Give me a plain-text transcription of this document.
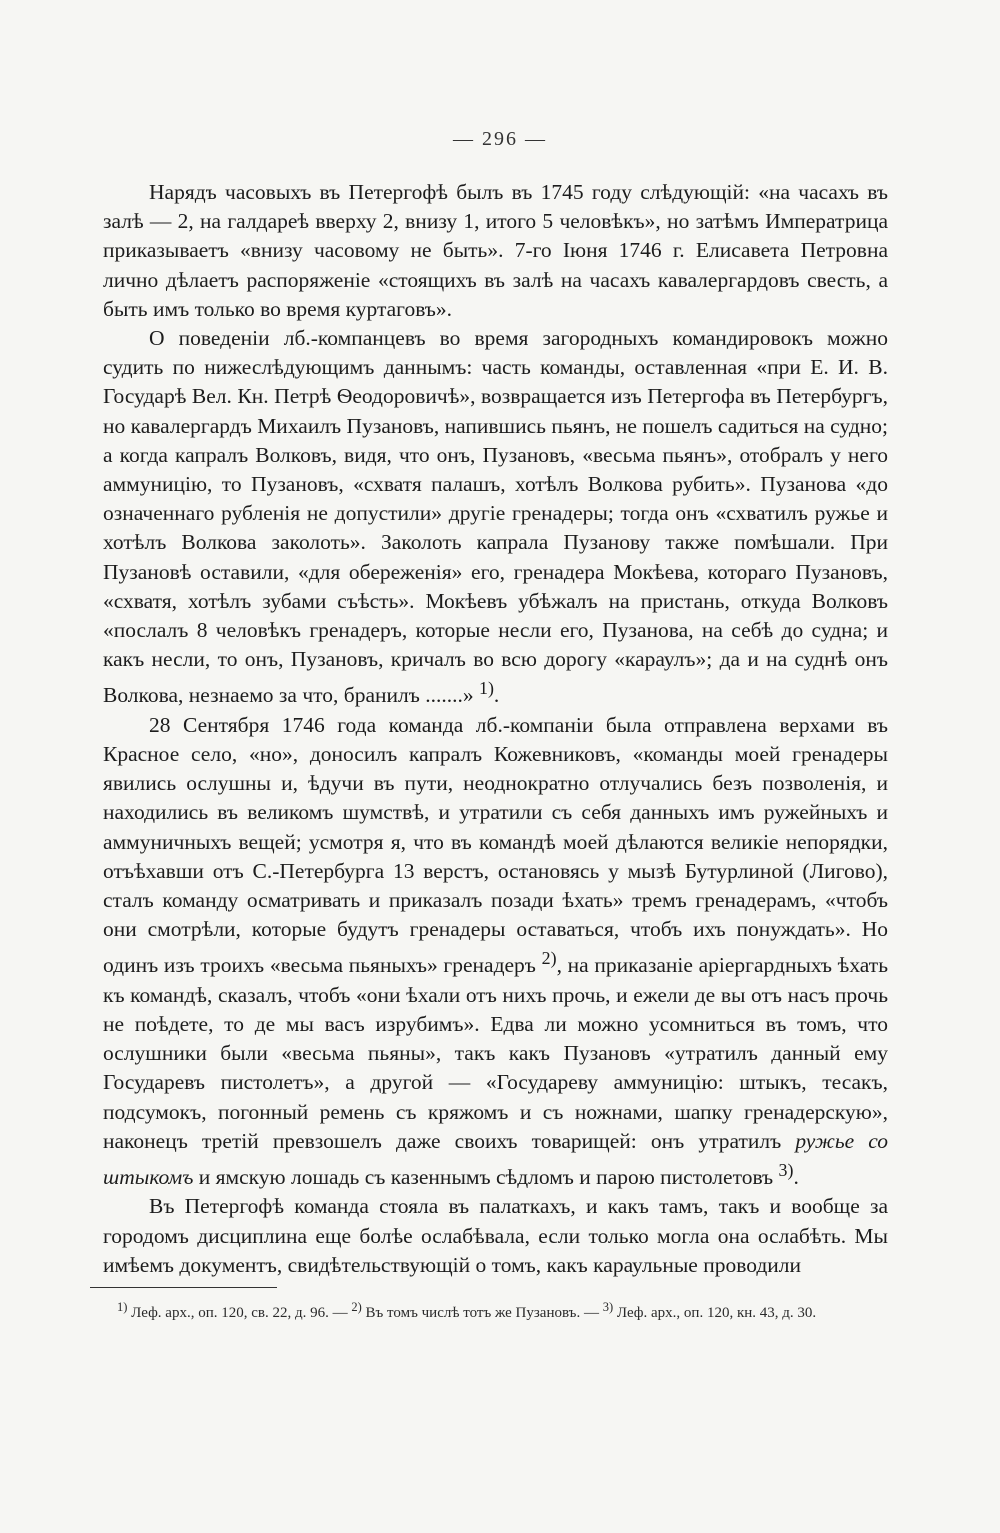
— 296 —

Нарядъ часовыхъ въ Петергофѣ былъ въ 1745 году слѣдующій: «на часахъ въ залѣ — 2, на галдареѣ вверху 2, внизу 1, итого 5 человѣкъ», но затѣмъ Императрица приказываетъ «внизу часовому не быть». 7-го Іюня 1746 г. Елисавета Петровна лично дѣлаетъ распоряженіе «стоящихъ въ залѣ на часахъ кавалергардовъ свесть, а быть имъ только во время куртаговъ».

О поведеніи лб.-компанцевъ во время загородныхъ командировокъ можно судить по нижеслѣдующимъ даннымъ: часть команды, оставленная «при Е. И. В. Государѣ Вел. Кн. Петрѣ Ѳеодоровичѣ», возвращается изъ Петергофа въ Петербургъ, но кавалергардъ Михаилъ Пузановъ, напившись пьянъ, не пошелъ садиться на судно; а когда капралъ Волковъ, видя, что онъ, Пузановъ, «весьма пьянъ», отобралъ у него аммуницію, то Пузановъ, «схватя палашъ, хотѣлъ Волкова рубить». Пузанова «до означеннаго рубленія не допустили» другіе гренадеры; тогда онъ «схватилъ ружье и хотѣлъ Волкова заколоть». Заколоть капрала Пузанову также помѣшали. При Пузановѣ оставили, «для обереженія» его, гренадера Мокѣева, котораго Пузановъ, «схватя, хотѣлъ зубами съѣсть». Мокѣевъ убѣжалъ на пристань, откуда Волковъ «послалъ 8 человѣкъ гренадеръ, которые несли его, Пузанова, на себѣ до судна; и какъ несли, то онъ, Пузановъ, кричалъ во всю дорогу «караулъ»; да и на суднѣ онъ Волкова, незнаемо за что, бранилъ .......» $^{1)}$.

28 Сентября 1746 года команда лб.-компаніи была отправлена верхами въ Красное село, «но», доносилъ капралъ Кожевниковъ, «команды моей гренадеры явились ослушны и, ѣдучи въ пути, неоднократно отлучались безъ позволенія, и находились въ великомъ шумствѣ, и утратили съ себя данныхъ имъ ружейныхъ и аммуничныхъ вещей; усмотря я, что въ командѣ моей дѣлаются великіе непорядки, отъѣхавши отъ С.-Петербурга 13 верстъ, остановясь у мызѣ Бутурлиной (Лигово), сталъ команду осматривать и приказалъ позади ѣхать» тремъ гренадерамъ, «чтобъ они смотрѣли, которые будутъ гренадеры оставаться, чтобъ ихъ понуждать». Но одинъ изъ троихъ «весьма пьяныхъ» гренадеръ $^{2)}$, на приказаніе аріергардныхъ ѣхать къ командѣ, сказалъ, чтобъ «они ѣхали отъ нихъ прочь, и ежели де вы отъ насъ прочь не поѣдете, то де мы васъ изрубимъ». Едва ли можно усомниться въ томъ, что ослушники были «весьма пьяны», такъ какъ Пузановъ «утратилъ данный ему Государевъ пистолетъ», а другой — «Государеву аммуницію: штыкъ, тесакъ, подсумокъ, погонный ремень съ кряжомъ и съ ножнами, шапку гренадерскую», наконецъ третій превзошелъ даже своихъ товарищей: онъ утратилъ ружье со штыкомъ и ямскую лошадь съ казеннымъ сѣдломъ и парою пистолетовъ $^{3)}$.

Въ Петергофѣ команда стояла въ палаткахъ, и какъ тамъ, такъ и вообще за городомъ дисциплина еще болѣе ослабѣвала, если только могла она ослабѣть. Мы имѣемъ документъ, свидѣтельствующій о томъ, какъ караульные проводили

$^{1)}$ Леф. арх., оп. 120, св. 22, д. 96. — $^{2)}$ Въ томъ числѣ тотъ же Пузановъ. — $^{3)}$ Леф. арх., оп. 120, кн. 43, д. 30.
